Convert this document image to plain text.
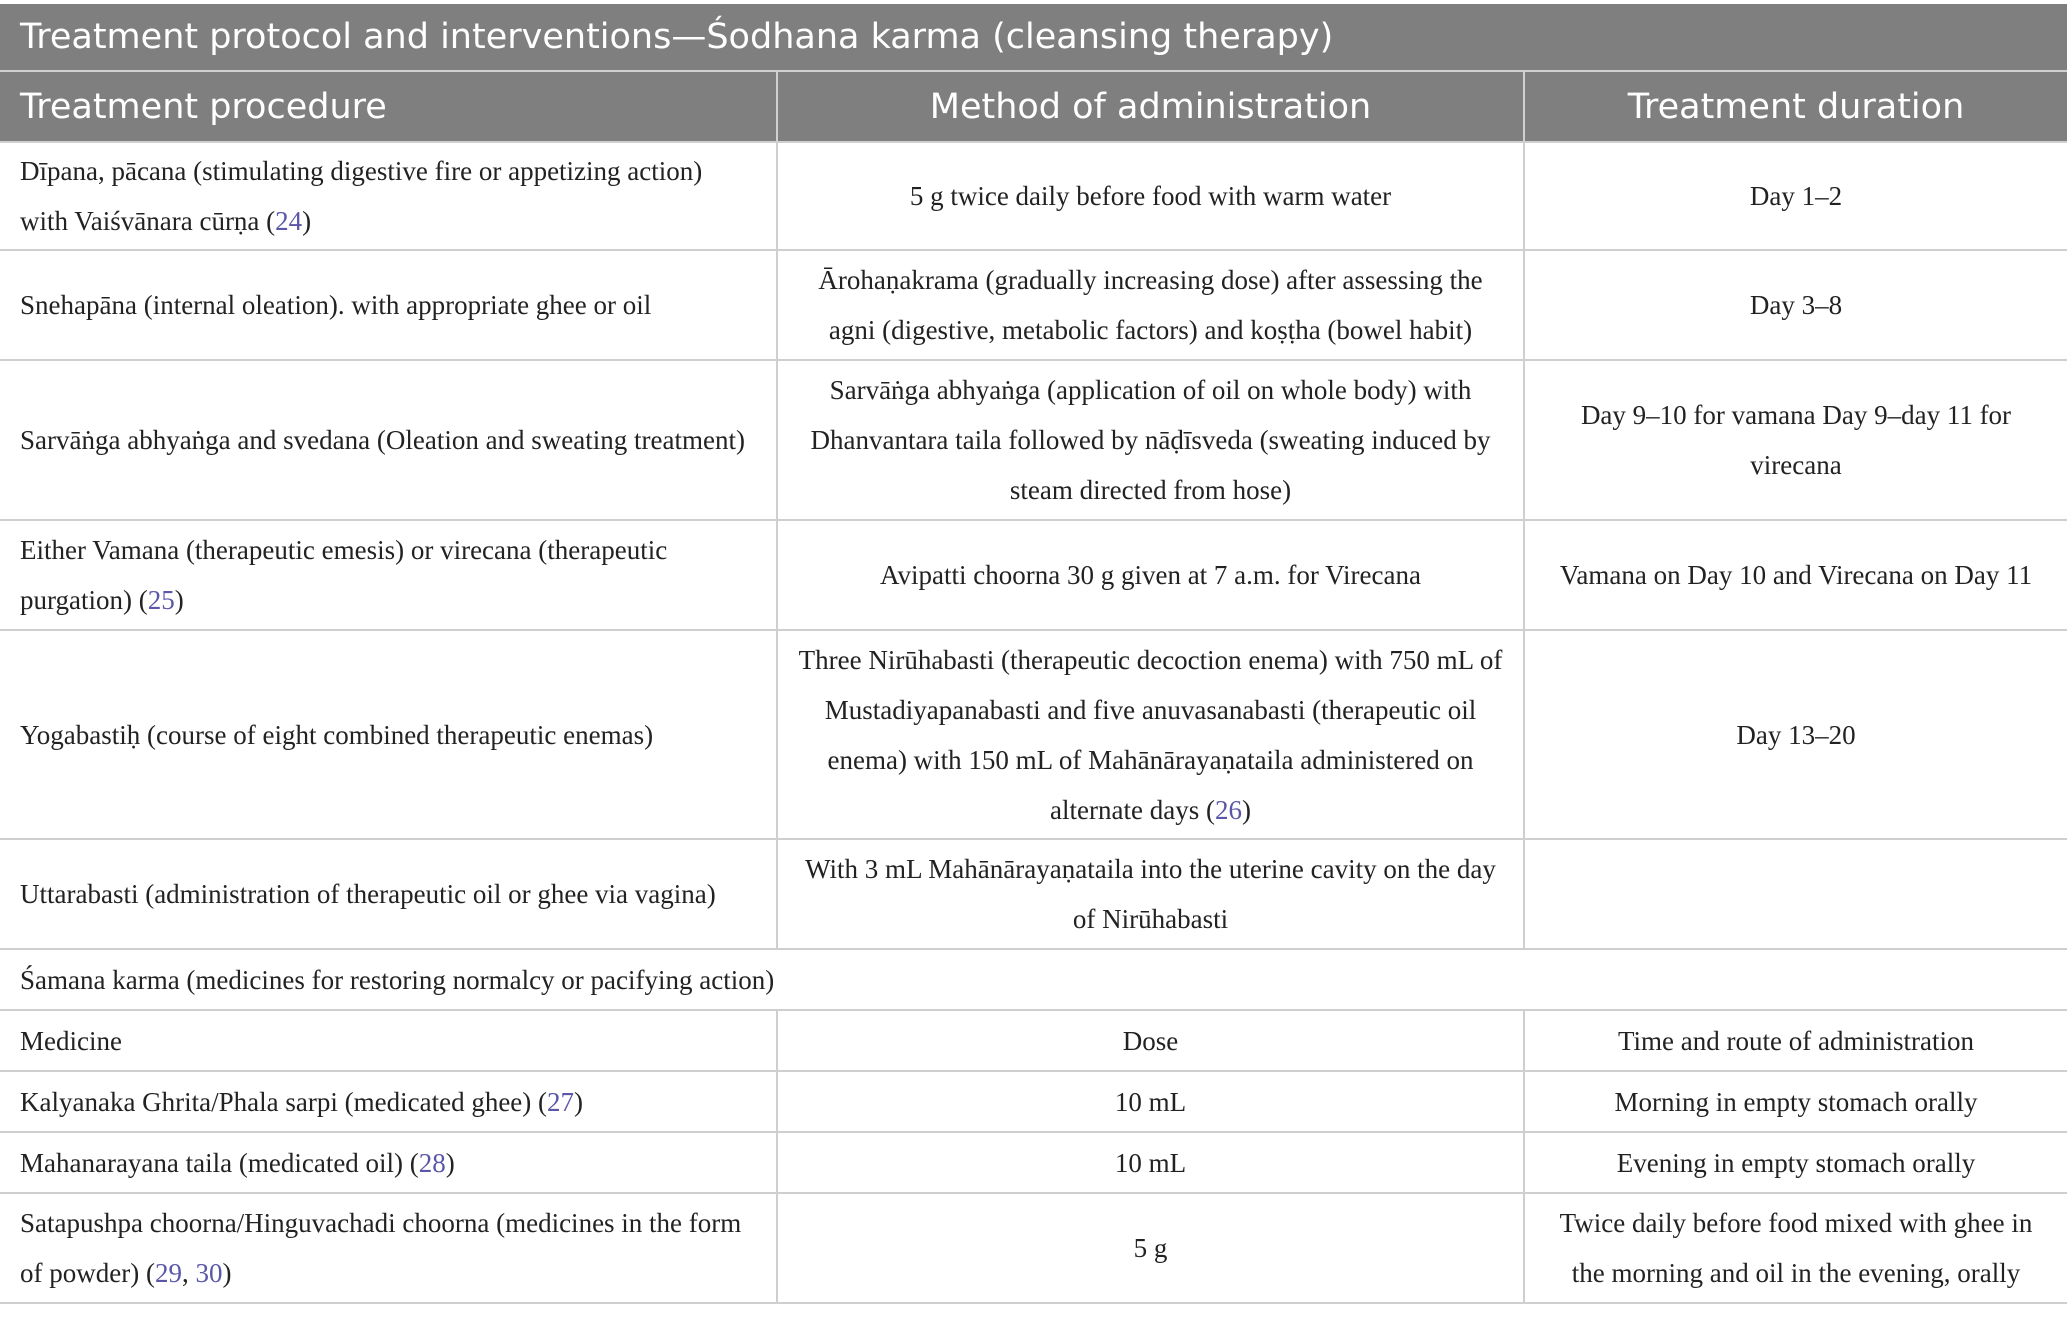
Treatment protocol and interventions—Śodhana karma (cleansing therapy)		
Treatment procedure	Method of administration	Treatment duration
Dīpana, pācana (stimulating digestive fire or appetizing action) with Vaiśvānara cūrṇa (24)	5 g twice daily before food with warm water	Day 1–2
Snehapāna (internal oleation). with appropriate ghee or oil	Ārohaṇakrama (gradually increasing dose) after assessing the agni (digestive, metabolic factors) and koṣṭha (bowel habit)	Day 3–8
Sarvāṅga abhyaṅga and svedana (Oleation and sweating treatment)	Sarvāṅga abhyaṅga (application of oil on whole body) with Dhanvantara taila followed by nāḍīsveda (sweating induced by steam directed from hose)	Day 9–10 for vamana Day 9–day 11 for virecana
Either Vamana (therapeutic emesis) or virecana (therapeutic purgation) (25)	Avipatti choorna 30 g given at 7 a.m. for Virecana	Vamana on Day 10 and Virecana on Day 11
Yogabastiḥ (course of eight combined therapeutic enemas)	Three Nirūhabasti (therapeutic decoction enema) with 750 mL of Mustadiyapanabasti and five anuvasanabasti (therapeutic oil enema) with 150 mL of Mahānārayaṇataila administered on alternate days (26)	Day 13–20
Uttarabasti (administration of therapeutic oil or ghee via vagina)	With 3 mL Mahānārayaṇataila into the uterine cavity on the day of Nirūhabasti	
Śamana karma (medicines for restoring normalcy or pacifying action)		
Medicine	Dose	Time and route of administration
Kalyanaka Ghrita/Phala sarpi (medicated ghee) (27)	10 mL	Morning in empty stomach orally
Mahanarayana taila (medicated oil) (28)	10 mL	Evening in empty stomach orally
Satapushpa choorna/Hinguvachadi choorna (medicines in the form of powder) (29, 30)	5 g	Twice daily before food mixed with ghee in the morning and oil in the evening, orally
